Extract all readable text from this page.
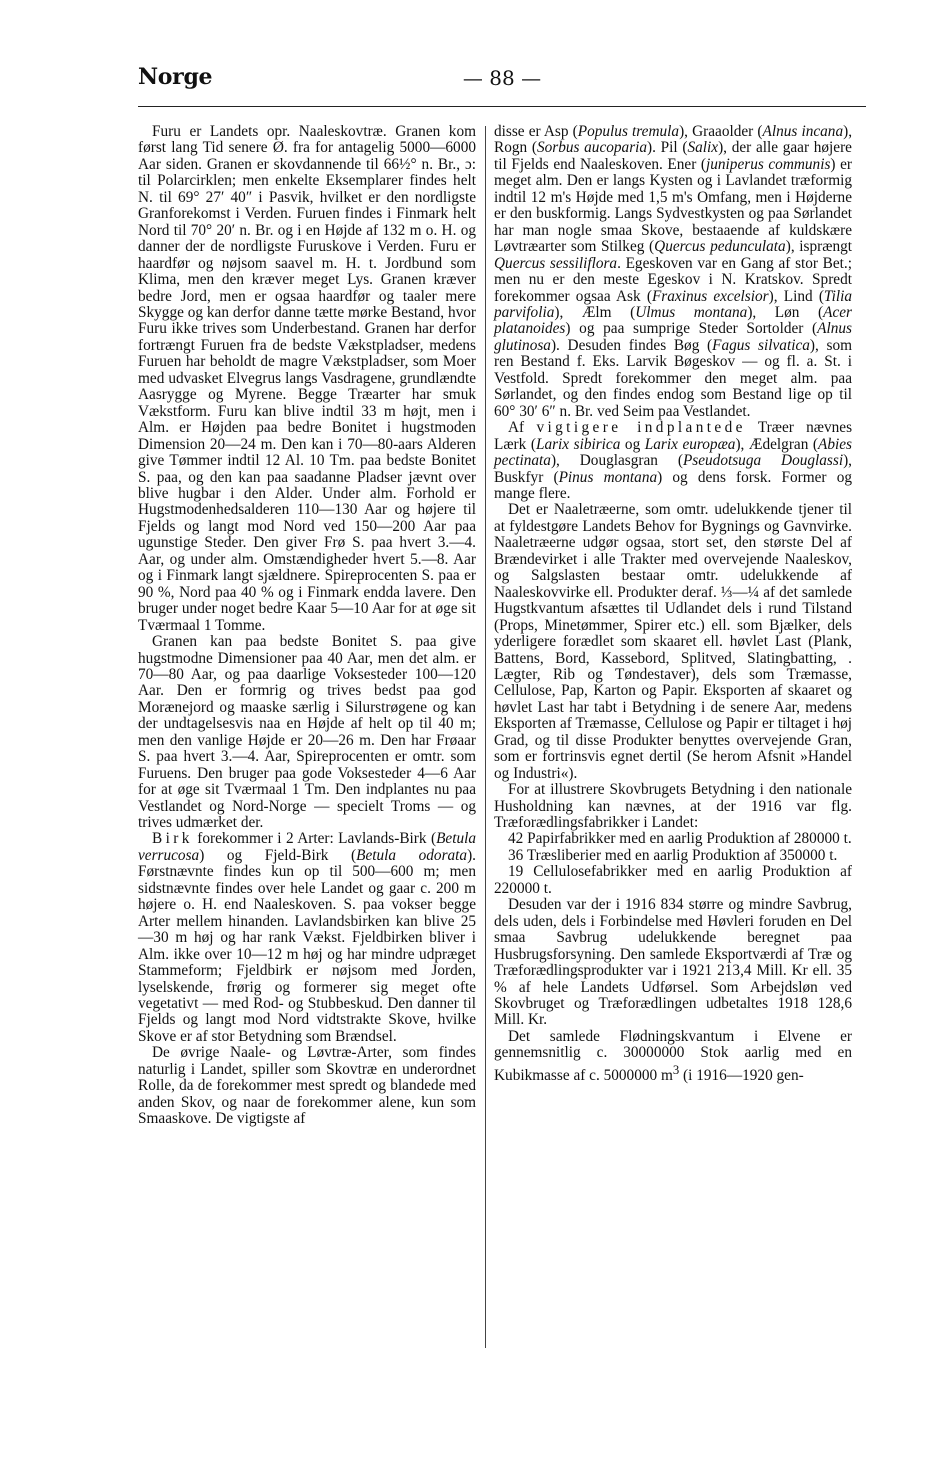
Norge	— 88 —

Furu er Landets opr. Naaleskovtræ. Granen kom først lang Tid senere Ø. fra for antagelig 5000—6000 Aar siden. Granen er skovdannende til 66½° n. Br., ɔ: til Polarcirklen; men enkelte Eksemplarer findes helt N. til 69° 27′ 40″ i Pasvik, hvilket er den nordligste Granforekomst i Verden. Furuen findes i Finmark helt Nord til 70° 20′ n. Br. og i en Højde af 132 m o. H. og danner der de nordligste Furuskove i Verden. Furu er haardfør og nøjsom saavel m. H. t. Jordbund som Klima, men den kræver meget Lys. Granen kræver bedre Jord, men er ogsaa haardfør og taaler mere Skygge og kan derfor danne tætte mørke Bestand, hvor Furu ikke trives som Underbestand. Granen har derfor fortrængt Furuen fra de bedste Vækstpladser, medens Furuen har beholdt de magre Vækstpladser, som Moer med udvasket Elvegrus langs Vasdragene, grundlændte Aasrygge og Myrene. Begge Træarter har smuk Vækstform. Furu kan blive indtil 33 m højt, men i Alm. er Højden paa bedre Bonitet i hugstmoden Dimension 20—24 m. Den kan i 70—80-aars Alderen give Tømmer indtil 12 Al. 10 Tm. paa bedste Bonitet S. paa, og den kan paa saadanne Pladser jævnt over blive hugbar i den Alder. Under alm. Forhold er Hugstmodenhedsalderen 110—130 Aar og højere til Fjelds og langt mod Nord ved 150—200 Aar paa ugunstige Steder. Den giver Frø S. paa hvert 3.—4. Aar, og under alm. Omstændigheder hvert 5.—8. Aar og i Finmark langt sjældnere. Spireprocenten S. paa er 90 %, Nord paa 40 % og i Finmark endda lavere. Den bruger under noget bedre Kaar 5—10 Aar for at øge sit Tværmaal 1 Tomme.

Granen kan paa bedste Bonitet S. paa give hugstmodne Dimensioner paa 40 Aar, men det alm. er 70—80 Aar, og paa daarlige Voksesteder 100—120 Aar. Den er formrig og trives bedst paa god Morænejord og maaske særlig i Silurstrøgene og kan der undtagelsesvis naa en Højde af helt op til 40 m; men den vanlige Højde er 20—26 m. Den har Frøaar S. paa hvert 3.—4. Aar, Spireprocenten er omtr. som Furuens. Den bruger paa gode Voksesteder 4—6 Aar for at øge sit Tværmaal 1 Tm. Den indplantes nu paa Vestlandet og Nord-Norge — specielt Troms — og trives udmærket der.

Birk forekommer i 2 Arter: Lavlands-Birk (Betula verrucosa) og Fjeld-Birk (Betula odorata). Førstnævnte findes kun op til 500—600 m; men sidstnævnte findes over hele Landet og gaar c. 200 m højere o. H. end Naaleskoven. S. paa vokser begge Arter mellem hinanden. Lavlandsbirken kan blive 25—30 m høj og har rank Vækst. Fjeldbirken bliver i Alm. ikke over 10—12 m høj og har mindre udpræget Stammeform; Fjeldbirk er nøjsom med Jorden, lyselskende, frørig og formerer sig meget ofte vegetativt — med Rod- og Stubbeskud. Den danner til Fjelds og langt mod Nord vidtstrakte Skove, hvilke Skove er af stor Betydning som Brændsel.

De øvrige Naale- og Løvtræ-Arter, som findes naturlig i Landet, spiller som Skovtræ en underordnet Rolle, da de forekommer mest spredt og blandede med anden Skov, og naar de forekommer alene, kun som Smaaskove. De vigtigste af

disse er Asp (Populus tremula), Graaolder (Alnus incana), Rogn (Sorbus aucoparia). Pil (Salix), der alle gaar højere til Fjelds end Naaleskoven. Ener (juniperus communis) er meget alm. Den er langs Kysten og i Lavlandet træformig indtil 12 m's Højde med 1,5 m's Omfang, men i Højderne er den buskformig. Langs Sydvestkysten og paa Sørlandet har man nogle smaa Skove, bestaaende af kuldskære Løvtræarter som Stilkeg (Quercus pedunculata), isprængt Quercus sessiliflora. Egeskoven var en Gang af stor Bet.; men nu er den meste Egeskov i N. Kratskov. Spredt forekommer ogsaa Ask (Fraxinus excelsior), Lind (Tilia parvifolia), Ælm (Ulmus montana), Løn (Acer platanoides) og paa sumprige Steder Sortolder (Alnus glutinosa). Desuden findes Bøg (Fagus silvatica), som ren Bestand f. Eks. Larvik Bøgeskov — og fl. a. St. i Vestfold. Spredt forekommer den meget alm. paa Sørlandet, og den findes endog som Bestand lige op til 60° 30′ 6″ n. Br. ved Seim paa Vestlandet.

Af vigtigere indplantede Træer nævnes Lærk (Larix sibirica og Larix europæa), Ædelgran (Abies pectinata), Douglasgran (Pseudotsuga Douglassi), Buskfyr (Pinus montana) og dens forsk. Former og mange flere.

Det er Naaletræerne, som omtr. udelukkende tjener til at fyldestgøre Landets Behov for Bygnings og Gavnvirke. Naaletræerne udgør ogsaa, stort set, den største Del af Brændevirket i alle Trakter med overvejende Naaleskov, og Salgslasten bestaar omtr. udelukkende af Naaleskovvirke ell. Produkter deraf. ⅓—¼ af det samlede Hugstkvantum afsættes til Udlandet dels i rund Tilstand (Props, Minetømmer, Spirer etc.) ell. som Bjælker, dels yderligere forædlet som skaaret ell. høvlet Last (Plank, Battens, Bord, Kassebord, Splitved, Slatingbatting, . Lægter, Rib og Tøndestaver), dels som Træmasse, Cellulose, Pap, Karton og Papir. Eksporten af skaaret og høvlet Last har tabt i Betydning i de senere Aar, medens Eksporten af Træmasse, Cellulose og Papir er tiltaget i høj Grad, og til disse Produkter benyttes overvejende Gran, som er fortrinsvis egnet dertil (Se herom Afsnit »Handel og Industri«).

For at illustrere Skovbrugets Betydning i den nationale Husholdning kan nævnes, at der 1916 var flg. Træforædlingsfabrikker i Landet:

42 Papirfabrikker med en aarlig Produktion af 280000 t.

36 Træsliberier med en aarlig Produktion af 350000 t.

19 Cellulosefabrikker med en aarlig Produktion af 220000 t.

Desuden var der i 1916 834 større og mindre Savbrug, dels uden, dels i Forbindelse med Høvleri foruden en Del smaa Savbrug udelukkende beregnet paa Husbrugsforsyning. Den samlede Eksportværdi af Træ og Træforædlingsprodukter var i 1921 213,4 Mill. Kr ell. 35 % af hele Landets Udførsel. Som Arbejdsløn ved Skovbruget og Træforædlingen udbetaltes 1918 128,6 Mill. Kr.

Det samlede Flødningskvantum i Elvene er gennemsnitlig c. 30000000 Stok aarlig med en Kubikmasse af c. 5000000 $m^3$ (i 1916—1920 gen-
